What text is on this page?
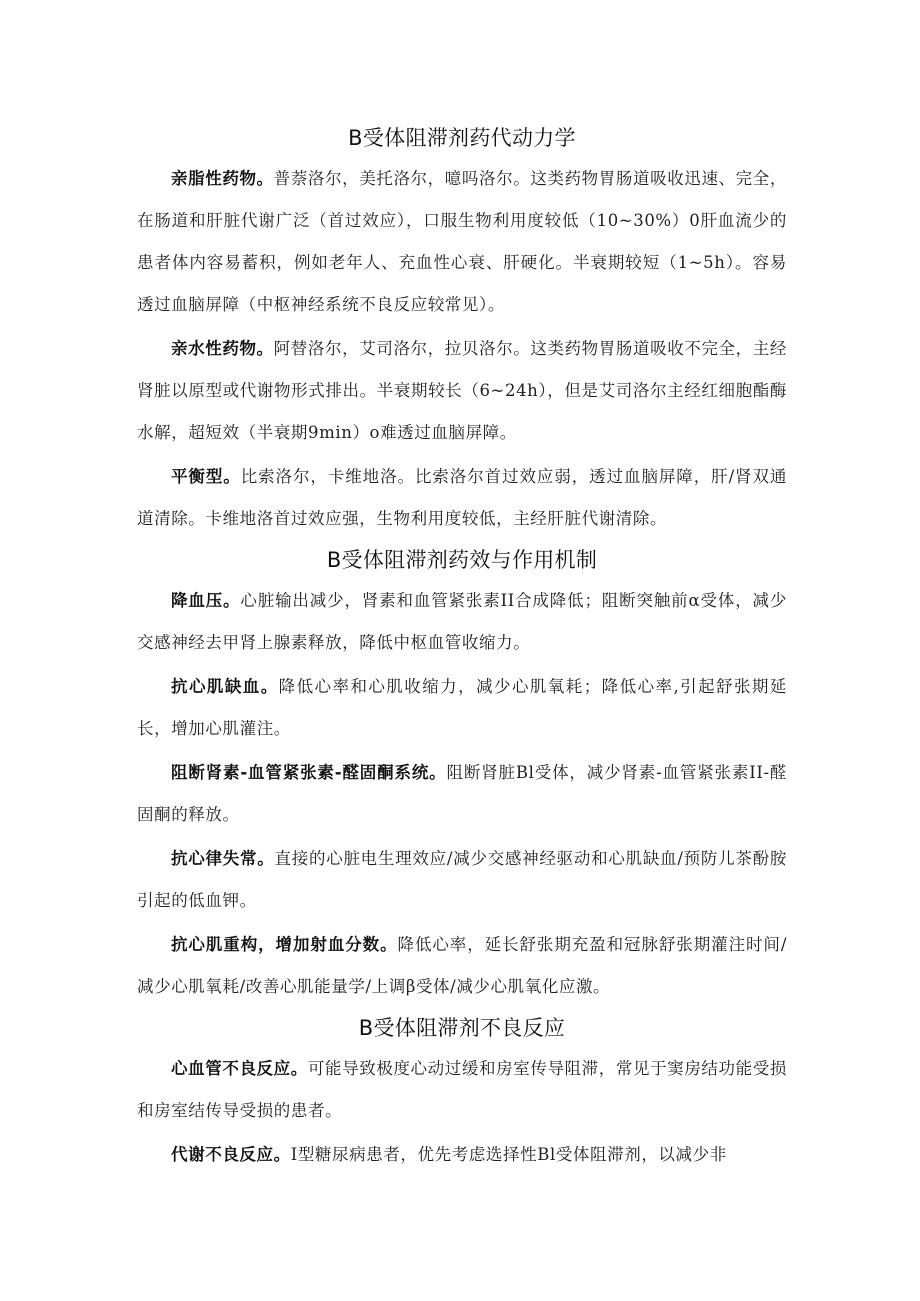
B受体阻滞剂药代动力学

亲脂性药物。普萘洛尔，美托洛尔，噫吗洛尔。这类药物胃肠道吸收迅速、完全，在肠道和肝脏代谢广泛（首过效应），口服生物利用度较低（10~30%）0肝血流少的患者体内容易蓄积，例如老年人、充血性心衰、肝硬化。半衰期较短（1~5h）。容易透过血脑屏障（中枢神经系统不良反应较常见）。

亲水性药物。阿替洛尔，艾司洛尔，拉贝洛尔。这类药物胃肠道吸收不完全，主经肾脏以原型或代谢物形式排出。半衰期较长（6~24h），但是艾司洛尔主经红细胞酯酶水解，超短效（半衰期9min）o难透过血脑屏障。

平衡型。比索洛尔，卡维地洛。比索洛尔首过效应弱，透过血脑屏障，肝/肾双通道清除。卡维地洛首过效应强，生物利用度较低，主经肝脏代谢清除。

B受体阻滞剂药效与作用机制

降血压。心脏输出减少，肾素和血管紧张素II合成降低；阻断突触前α受体，减少交感神经去甲肾上腺素释放，降低中枢血管收缩力。

抗心肌缺血。降低心率和心肌收缩力，减少心肌氧耗；降低心率,引起舒张期延长，增加心肌灌注。

阻断肾素-血管紧张素-醛固酮系统。阻断肾脏Bl受体，减少肾素-血管紧张素II-醛固酮的释放。

抗心律失常。直接的心脏电生理效应/减少交感神经驱动和心肌缺血/预防儿茶酚胺引起的低血钾。

抗心肌重构，增加射血分数。降低心率，延长舒张期充盈和冠脉舒张期灌注时间/减少心肌氧耗/改善心肌能量学/上调β受体/减少心肌氧化应激。

B受体阻滞剂不良反应

心血管不良反应。可能导致极度心动过缓和房室传导阻滞，常见于窦房结功能受损和房室结传导受损的患者。

代谢不良反应。I型糖尿病患者，优先考虑选择性Bl受体阻滞剂，以减少非
